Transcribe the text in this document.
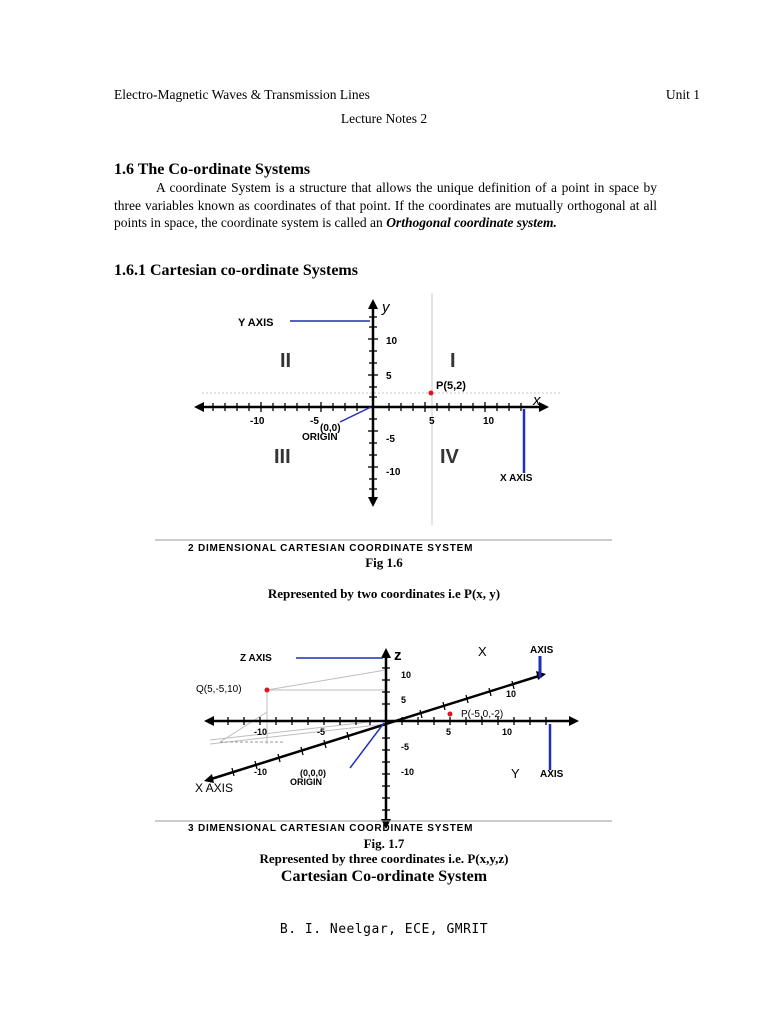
Electro-Magnetic Waves & Transmission Lines	Unit 1
Lecture Notes 2
1.6 The Co-ordinate Systems
A coordinate System is a structure that allows the unique definition of a point in space by three variables known as coordinates of that point. If the coordinates are mutually orthogonal at all points in space, the coordinate system is called an Orthogonal coordinate system.
1.6.1 Cartesian co-ordinate Systems
Y AXIS
y
x
II	I
III	IV
-10	-5	5	10
10
5
-5
-10
P(5,2)
(0,0)
ORIGIN
X AXIS
2 DIMENSIONAL CARTESIAN COORDINATE SYSTEM
Fig 1.6
Represented by two coordinates i.e P(x, y)
Z AXIS	z	X	AXIS
Q(5,-5,10)
P(-5,0,-2)
10
5
-5
-10
-10	-5	5	10
10
-10	(0,0,0)
ORIGIN
X AXIS
Y AXIS
3 DIMENSIONAL CARTESIAN COORDINATE SYSTEM
Fig. 1.7
Represented by three coordinates i.e. P(x,y,z)
Cartesian Co-ordinate System
B. I. Neelgar, ECE, GMRIT
